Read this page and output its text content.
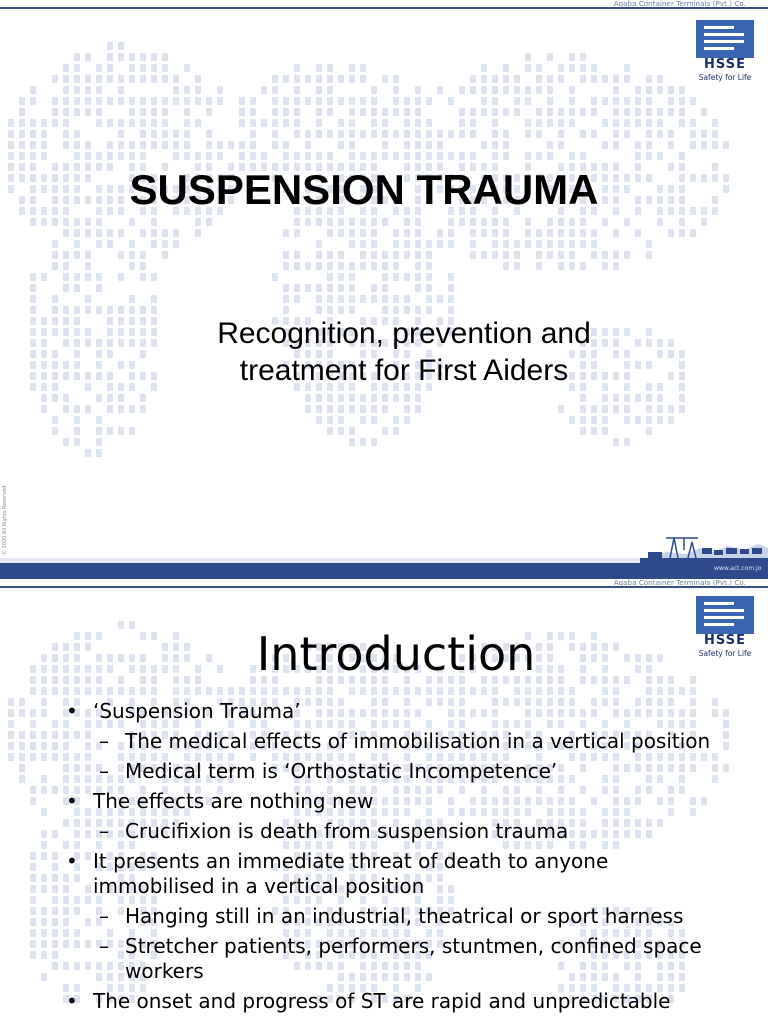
Aqaba Container Terminals (Pvt.) Co.
HSSE
Safety for Life
SUSPENSION TRAUMA
Recognition, prevention and treatment for First Aiders
© 2020 All Rights Reserved
www.act.com.jo
Aqaba Container Terminals (Pvt.) Co.
HSSE
Safety for Life
Introduction
• ‘Suspension Trauma’
– The medical effects of immobilisation in a vertical position
– Medical term is ‘Orthostatic Incompetence’
• The effects are nothing new
– Crucifixion is death from suspension trauma
• It presents an immediate threat of death to anyone immobilised in a vertical position
– Hanging still in an industrial, theatrical or sport harness
– Stretcher patients, performers, stuntmen, confined space workers
• The onset and progress of ST are rapid and unpredictable
